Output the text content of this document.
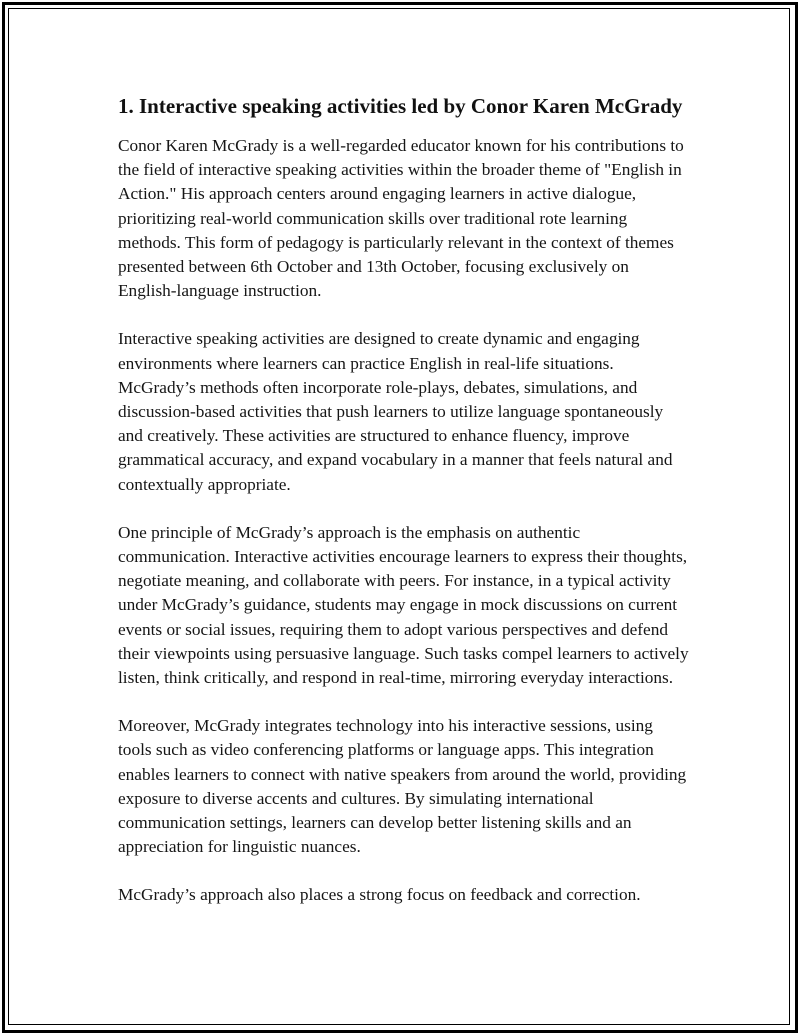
1. Interactive speaking activities led by Conor Karen McGrady

Conor Karen McGrady is a well-regarded educator known for his contributions to the field of interactive speaking activities within the broader theme of "English in Action." His approach centers around engaging learners in active dialogue, prioritizing real-world communication skills over traditional rote learning methods. This form of pedagogy is particularly relevant in the context of themes presented between 6th October and 13th October, focusing exclusively on English-language instruction.

Interactive speaking activities are designed to create dynamic and engaging environments where learners can practice English in real-life situations. McGrady’s methods often incorporate role-plays, debates, simulations, and discussion-based activities that push learners to utilize language spontaneously and creatively. These activities are structured to enhance fluency, improve grammatical accuracy, and expand vocabulary in a manner that feels natural and contextually appropriate.

One principle of McGrady’s approach is the emphasis on authentic communication. Interactive activities encourage learners to express their thoughts, negotiate meaning, and collaborate with peers. For instance, in a typical activity under McGrady’s guidance, students may engage in mock discussions on current events or social issues, requiring them to adopt various perspectives and defend their viewpoints using persuasive language. Such tasks compel learners to actively listen, think critically, and respond in real-time, mirroring everyday interactions.

Moreover, McGrady integrates technology into his interactive sessions, using tools such as video conferencing platforms or language apps. This integration enables learners to connect with native speakers from around the world, providing exposure to diverse accents and cultures. By simulating international communication settings, learners can develop better listening skills and an appreciation for linguistic nuances.

McGrady’s approach also places a strong focus on feedback and correction.
